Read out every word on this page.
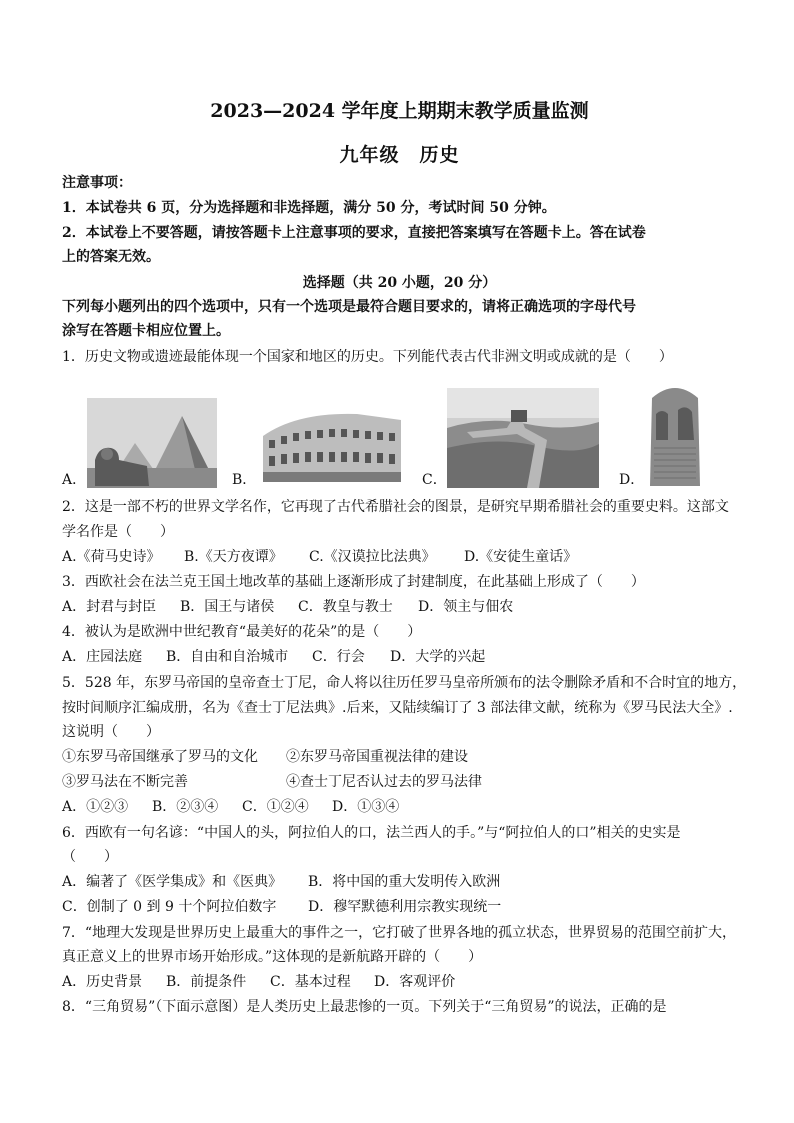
2023—2024 学年度上期期末教学质量监测
九年级　历史
注意事项：
1．本试卷共 6 页，分为选择题和非选择题，满分 50 分，考试时间 50 分钟。
2．本试卷上不要答题，请按答题卡上注意事项的要求，直接把答案填写在答题卡上。答在试卷
上的答案无效。
选择题（共 20 小题，20 分）
下列每小题列出的四个选项中，只有一个选项是最符合题目要求的，请将正确选项的字母代号
涂写在答题卡相应位置上。
1．历史文物或遗迹最能体现一个国家和地区的历史。下列能代表古代非洲文明或成就的是（　　）
A．	B．	C．	D．
2．这是一部不朽的世界文学名作，它再现了古代希腊社会的图景，是研究早期希腊社会的重要史料。这部文
学名作是（　　）
A.《荷马史诗》 B.《天方夜谭》 C.《汉谟拉比法典》 D.《安徒生童话》
3．西欧社会在法兰克王国土地改革的基础上逐渐形成了封建制度，在此基础上形成了（　　）
A．封君与封臣 B．国王与诸侯 C．教皇与教士 D．领主与佃农
4．被认为是欧洲中世纪教育“最美好的花朵”的是（　　）
A．庄园法庭 B．自由和自治城市 C．行会 D．大学的兴起
5．528 年，东罗马帝国的皇帝查士丁尼，命人将以往历任罗马皇帝所颁布的法令删除矛盾和不合时宜的地方，
按时间顺序汇编成册，名为《查士丁尼法典》.后来，又陆续编订了 3 部法律文献，统称为《罗马民法大全》.
这说明（　　）
①东罗马帝国继承了罗马的文化 ②东罗马帝国重视法律的建设
③罗马法在不断完善	④查士丁尼否认过去的罗马法律
A．①②③ B．②③④ C．①②④ D．①③④
6．西欧有一句名谚：“中国人的头，阿拉伯人的口，法兰西人的手。”与“阿拉伯人的口”相关的史实是
（　　）
A．编著了《医学集成》和《医典》 B．将中国的重大发明传入欧洲
C．创制了 0 到 9 十个阿拉伯数字 D．穆罕默德利用宗教实现统一
7．“地理大发现是世界历史上最重大的事件之一，它打破了世界各地的孤立状态，世界贸易的范围空前扩大，
真正意义上的世界市场开始形成。”这体现的是新航路开辟的（　　）
A．历史背景 B．前提条件 C．基本过程 D．客观评价
8．“三角贸易”（下面示意图）是人类历史上最悲惨的一页。下列关于“三角贸易”的说法，正确的是
